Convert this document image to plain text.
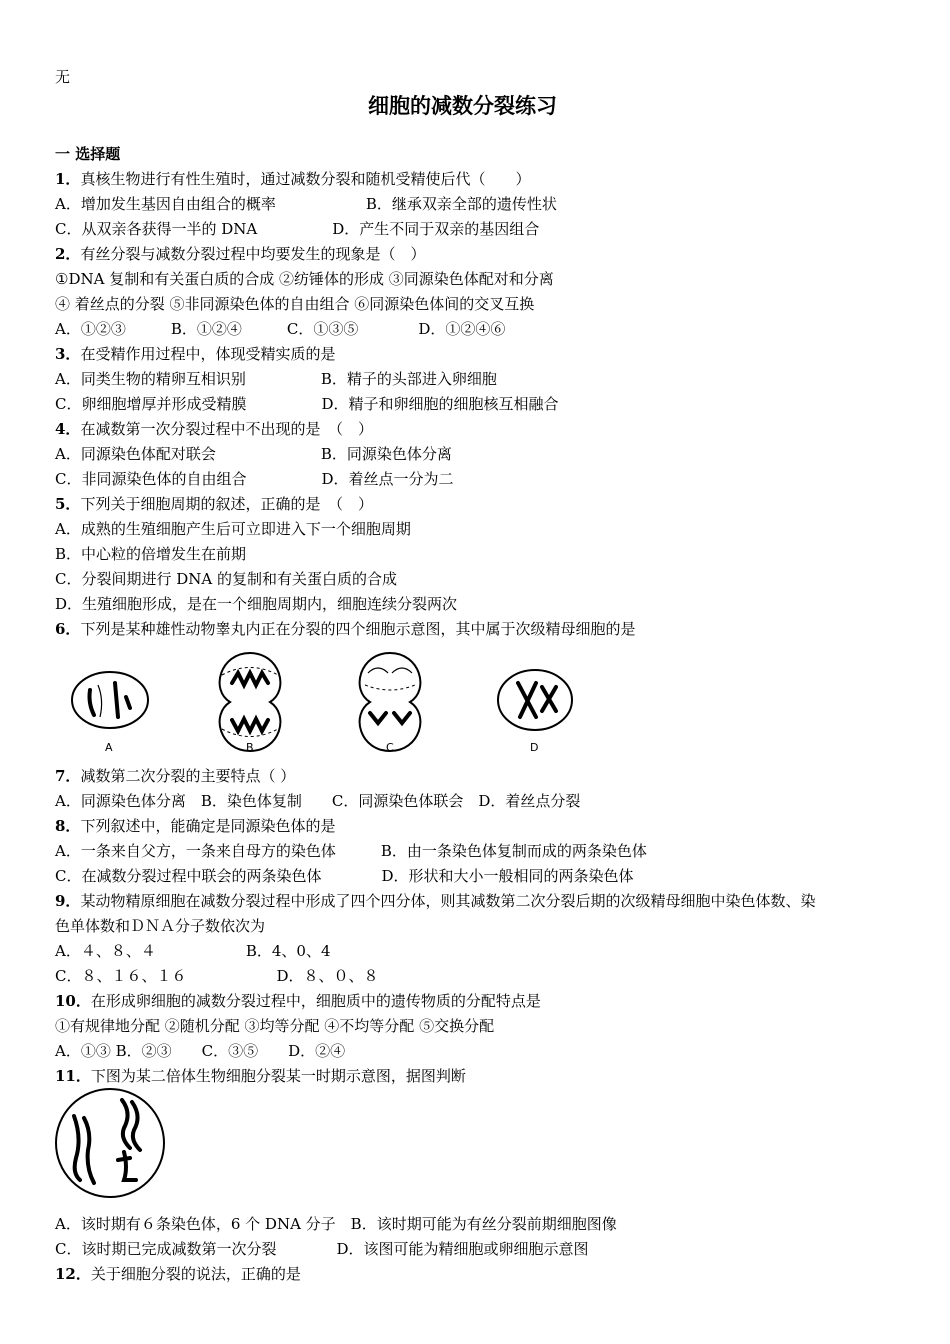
无
细胞的减数分裂练习
一 选择题
1．真核生物进行有性生殖时，通过减数分裂和随机受精使后代（　　）
A．增加发生基因自由组合的概率　　　　　　B．继承双亲全部的遗传性状
C．从双亲各获得一半的 DNA　　　　　D．产生不同于双亲的基因组合
2．有丝分裂与减数分裂过程中均要发生的现象是（　）
①DNA 复制和有关蛋白质的合成 ②纺锤体的形成 ③同源染色体配对和分离
④ 着丝点的分裂 ⑤非同源染色体的自由组合 ⑥同源染色体间的交叉互换
A．①②③　　　B．①②④　　　C．①③⑤　　　　D．①②④⑥
3．在受精作用过程中，体现受精实质的是
A．同类生物的精卵互相识别　　　　　B．精子的头部进入卵细胞
C．卵细胞增厚并形成受精膜　　　　　D．精子和卵细胞的细胞核互相融合
4．在减数第一次分裂过程中不出现的是　（　）
A．同源染色体配对联会　　　　　　　B．同源染色体分离
C．非同源染色体的自由组合　　　　　D．着丝点一分为二
5．下列关于细胞周期的叙述，正确的是　（　）
A．成熟的生殖细胞产生后可立即进入下一个细胞周期
B．中心粒的倍增发生在前期
C．分裂间期进行 DNA 的复制和有关蛋白质的合成
D．生殖细胞形成，是在一个细胞周期内，细胞连续分裂两次
6．下列是某种雄性动物睾丸内正在分裂的四个细胞示意图，其中属于次级精母细胞的是
7．减数第二次分裂的主要特点（ ）
A．同源染色体分离　B．染色体复制　　C．同源染色体联会　D．着丝点分裂
8．下列叙述中，能确定是同源染色体的是
A．一条来自父方，一条来自母方的染色体　　　B．由一条染色体复制而成的两条染色体
C．在减数分裂过程中联会的两条染色体　　　　D．形状和大小一般相同的两条染色体
9．某动物精原细胞在减数分裂过程中形成了四个四分体，则其减数第二次分裂后期的次级精母细胞中染色体数、染
色单体数和ＤＮＡ分子数依次为
A．４、８、４　　　　　　B．4、0、4
C．８、１６、１６　　　　　　D．８、０、８
10．在形成卵细胞的减数分裂过程中，细胞质中的遗传物质的分配特点是
①有规律地分配 ②随机分配 ③均等分配 ④不均等分配 ⑤交换分配
A．①③ B．②③　　C．③⑤　　D．②④
11．下图为某二倍体生物细胞分裂某一时期示意图，据图判断
A．该时期有６条染色体，6 个 DNA 分子　B．该时期可能为有丝分裂前期细胞图像
C．该时期已完成减数第一次分裂　　　　D．该图可能为精细胞或卵细胞示意图
12．关于细胞分裂的说法，正确的是
A	B	C	D
